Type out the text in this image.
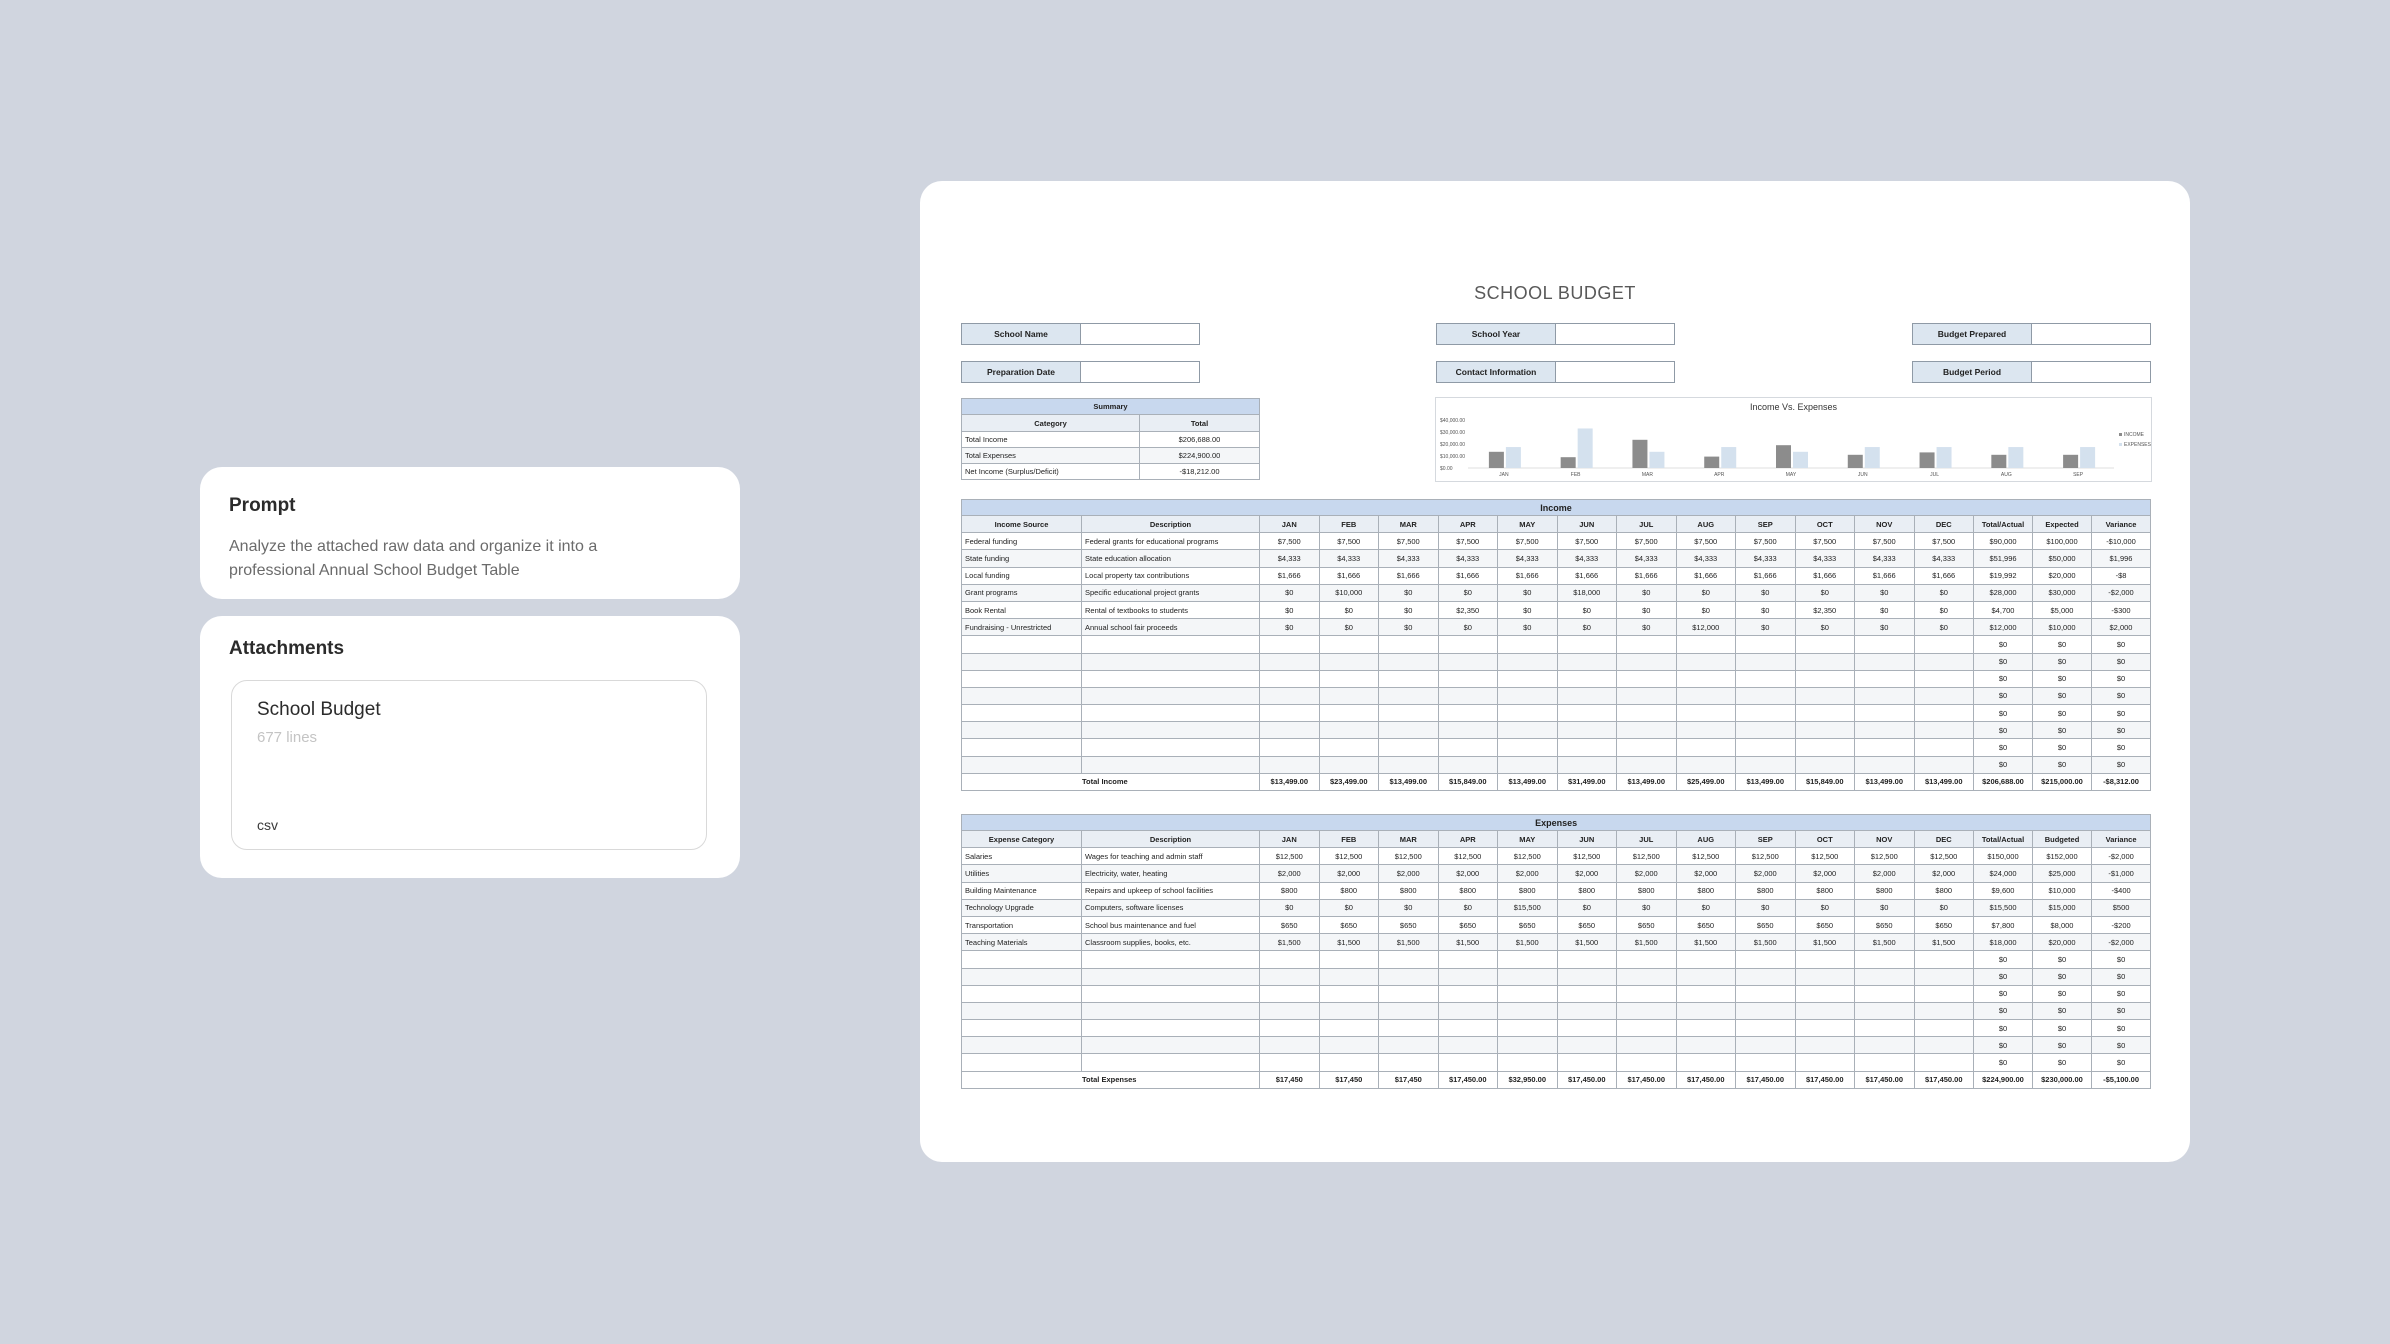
Prompt
Analyze the attached raw data and organize it into a professional Annual School Budget Table
Attachments
School Budget
677 lines
csv
SCHOOL BUDGET
School Name
Preparation Date
School Year
Contact Information
Budget Prepared
Budget Period
Summary	
Category	Total
Total Income	$206,688.00
Total Expenses	$224,900.00
Net Income (Surplus/Deficit)	-$18,212.00
Income Vs. Expenses
$40,000.00
$30,000.00
$20,000.00
$10,000.00
$0.00
JAN	FEB	MAR	APR	MAY	JUN	JUL	AUG	SEP
INCOME
EXPENSES
Income																
Income Source	Description	JAN	FEB	MAR	APR	MAY	JUN	JUL	AUG	SEP	OCT	NOV	DEC	Total/Actual	Expected	Variance
Federal funding	Federal grants for educational programs	$7,500	$7,500	$7,500	$7,500	$7,500	$7,500	$7,500	$7,500	$7,500	$7,500	$7,500	$7,500	$90,000	$100,000	-$10,000
State funding	State education allocation	$4,333	$4,333	$4,333	$4,333	$4,333	$4,333	$4,333	$4,333	$4,333	$4,333	$4,333	$4,333	$51,996	$50,000	$1,996
Local funding	Local property tax contributions	$1,666	$1,666	$1,666	$1,666	$1,666	$1,666	$1,666	$1,666	$1,666	$1,666	$1,666	$1,666	$19,992	$20,000	-$8
Grant programs	Specific educational project grants	$0	$10,000	$0	$0	$0	$18,000	$0	$0	$0	$0	$0	$0	$28,000	$30,000	-$2,000
Book Rental	Rental of textbooks to students	$0	$0	$0	$2,350	$0	$0	$0	$0	$0	$2,350	$0	$0	$4,700	$5,000	-$300
Fundraising - Unrestricted	Annual school fair proceeds	$0	$0	$0	$0	$0	$0	$0	$12,000	$0	$0	$0	$0	$12,000	$10,000	$2,000
														$0	$0	$0
														$0	$0	$0
														$0	$0	$0
														$0	$0	$0
														$0	$0	$0
														$0	$0	$0
														$0	$0	$0
														$0	$0	$0
Total Income		$13,499.00	$23,499.00	$13,499.00	$15,849.00	$13,499.00	$31,499.00	$13,499.00	$25,499.00	$13,499.00	$15,849.00	$13,499.00	$13,499.00	$206,688.00	$215,000.00	-$8,312.00
Expenses																
Expense Category	Description	JAN	FEB	MAR	APR	MAY	JUN	JUL	AUG	SEP	OCT	NOV	DEC	Total/Actual	Budgeted	Variance
Salaries	Wages for teaching and admin staff	$12,500	$12,500	$12,500	$12,500	$12,500	$12,500	$12,500	$12,500	$12,500	$12,500	$12,500	$12,500	$150,000	$152,000	-$2,000
Utilities	Electricity, water, heating	$2,000	$2,000	$2,000	$2,000	$2,000	$2,000	$2,000	$2,000	$2,000	$2,000	$2,000	$2,000	$24,000	$25,000	-$1,000
Building Maintenance	Repairs and upkeep of school facilities	$800	$800	$800	$800	$800	$800	$800	$800	$800	$800	$800	$800	$9,600	$10,000	-$400
Technology Upgrade	Computers, software licenses	$0	$0	$0	$0	$15,500	$0	$0	$0	$0	$0	$0	$0	$15,500	$15,000	$500
Transportation	School bus maintenance and fuel	$650	$650	$650	$650	$650	$650	$650	$650	$650	$650	$650	$650	$7,800	$8,000	-$200
Teaching Materials	Classroom supplies, books, etc.	$1,500	$1,500	$1,500	$1,500	$1,500	$1,500	$1,500	$1,500	$1,500	$1,500	$1,500	$1,500	$18,000	$20,000	-$2,000
														$0	$0	$0
														$0	$0	$0
														$0	$0	$0
														$0	$0	$0
														$0	$0	$0
														$0	$0	$0
														$0	$0	$0
Total Expenses		$17,450	$17,450	$17,450	$17,450.00	$32,950.00	$17,450.00	$17,450.00	$17,450.00	$17,450.00	$17,450.00	$17,450.00	$17,450.00	$224,900.00	$230,000.00	-$5,100.00
